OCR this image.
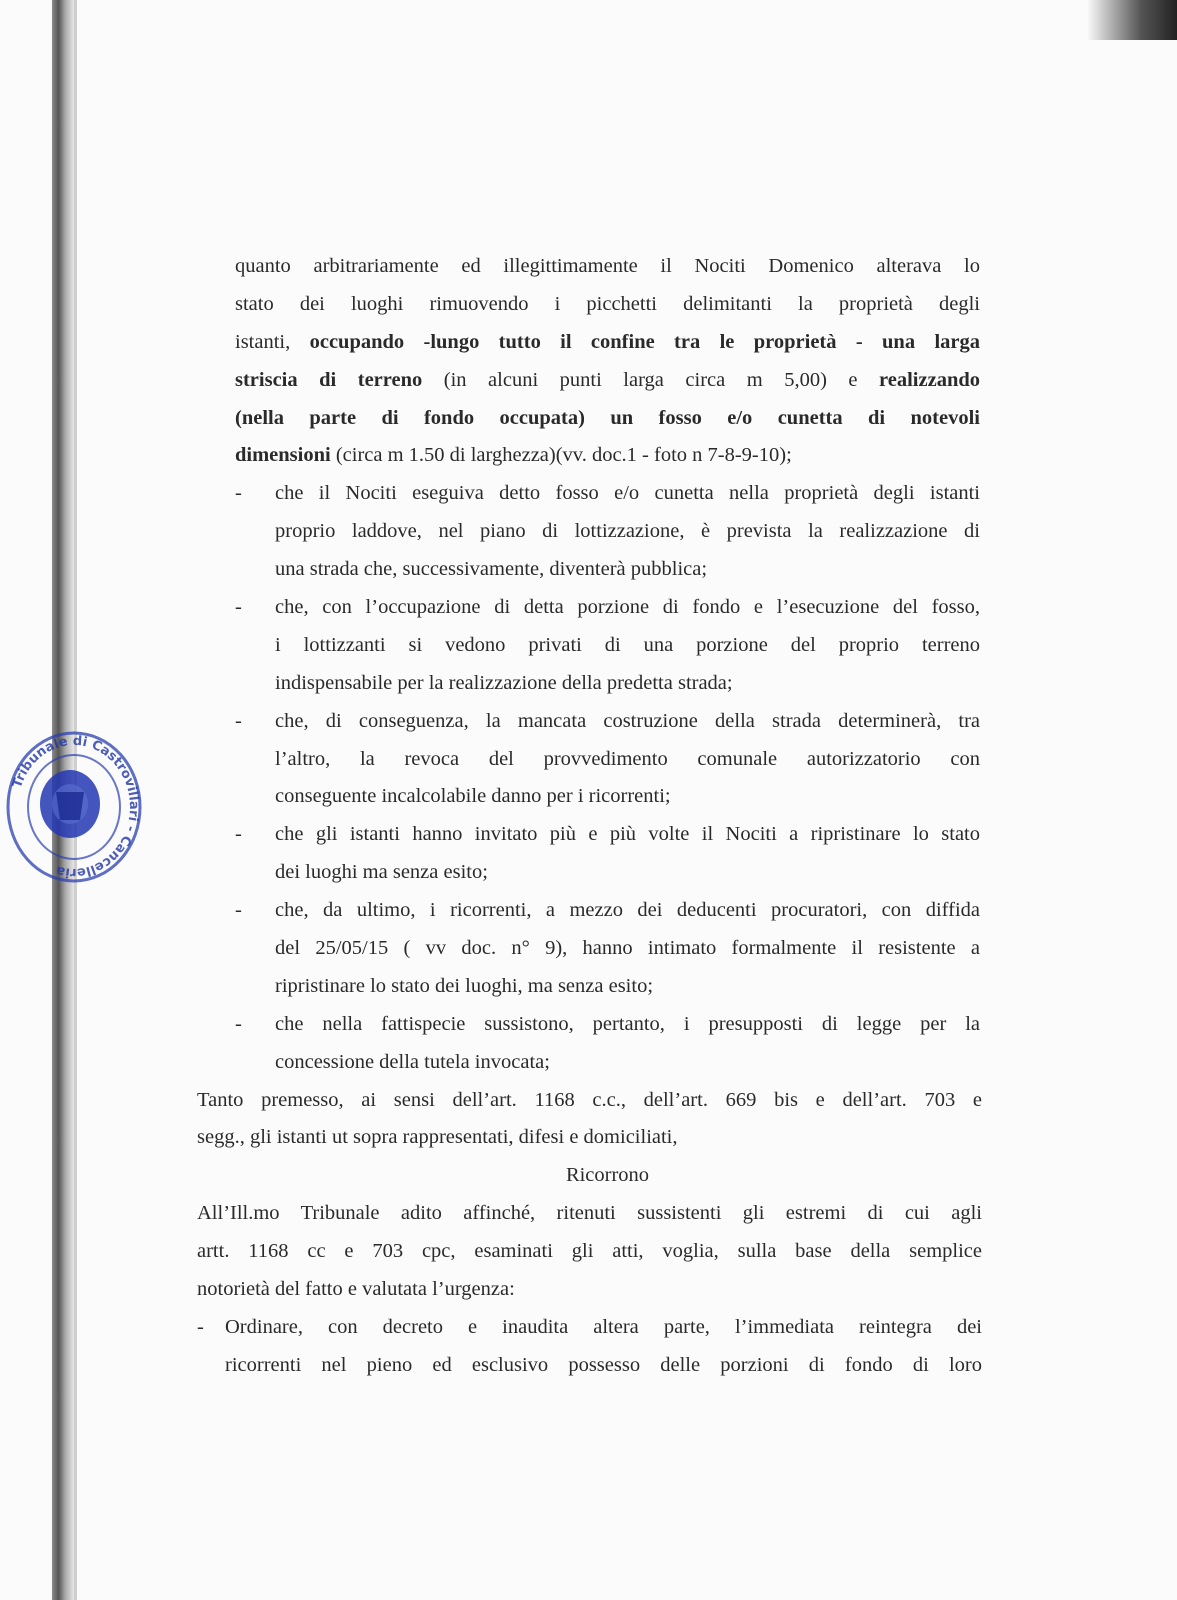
Tribunale di Castrovillari - Cancelleria
quanto arbitrariamente ed illegittimamente il Nociti Domenico alterava lo
stato dei luoghi rimuovendo i picchetti delimitanti la proprietà degli
istanti, occupando -lungo tutto il confine tra le proprietà - una larga
striscia di terreno (in alcuni punti larga circa m 5,00) e realizzando
(nella parte di fondo occupata) un fosso e/o cunetta di notevoli
dimensioni (circa m 1.50 di larghezza)(vv. doc.1 - foto n 7-8-9-10);
- che il Nociti eseguiva detto fosso e/o cunetta nella proprietà degli istanti
proprio laddove, nel piano di lottizzazione, è prevista la realizzazione di
una strada che, successivamente, diventerà pubblica;
- che, con l’occupazione di detta porzione di fondo e l’esecuzione del fosso,
i lottizzanti si vedono privati di una porzione del proprio terreno
indispensabile per la realizzazione della predetta strada;
- che, di conseguenza, la mancata costruzione della strada determinerà, tra
l’altro, la revoca del provvedimento comunale autorizzatorio con
conseguente incalcolabile danno per i ricorrenti;
- che gli istanti hanno invitato più e più volte il Nociti a ripristinare lo stato
dei luoghi ma senza esito;
- che, da ultimo, i ricorrenti, a mezzo dei deducenti procuratori, con diffida
del 25/05/15 ( vv doc. n° 9), hanno intimato formalmente il resistente a
ripristinare lo stato dei luoghi, ma senza esito;
- che nella fattispecie sussistono, pertanto, i presupposti di legge per la
concessione della tutela invocata;
Tanto premesso, ai sensi dell’art. 1168 c.c., dell’art. 669 bis e dell’art. 703 e
segg., gli istanti ut sopra rappresentati, difesi e domiciliati,
Ricorrono
All’Ill.mo Tribunale adito affinché, ritenuti sussistenti gli estremi di cui agli
artt. 1168 cc e 703 cpc, esaminati gli atti, voglia, sulla base della semplice
notorietà del fatto e valutata l’urgenza:
- Ordinare, con decreto e inaudita altera parte, l’immediata reintegra dei
ricorrenti nel pieno ed esclusivo possesso delle porzioni di fondo di loro
